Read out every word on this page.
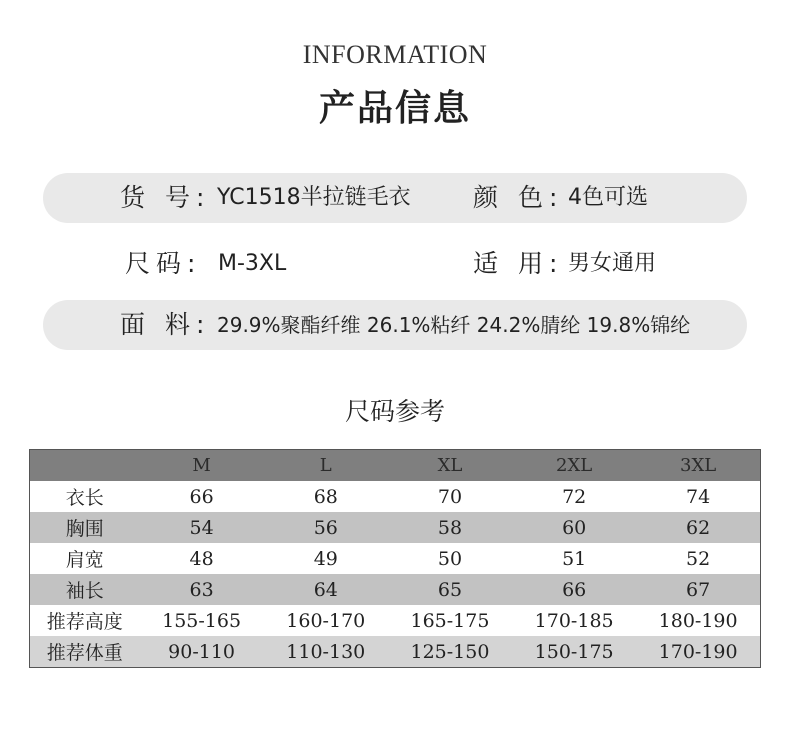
INFORMATION
产品信息
货 号: YC1518半拉链毛衣 颜 色: 4色可选
尺码: M-3XL	适 用: 男女通用
面 料: 29.9%聚酯纤维 26.1%粘纤 24.2%腈纶 19.8%锦纶
尺码参考
	M	L	XL	2XL	3XL
衣长	66	68	70	72	74
胸围	54	56	58	60	62
肩宽	48	49	50	51	52
袖长	63	64	65	66	67
推荐高度	155-165	160-170	165-175	170-185	180-190
推荐体重	90-110	110-130	125-150	150-175	170-190
